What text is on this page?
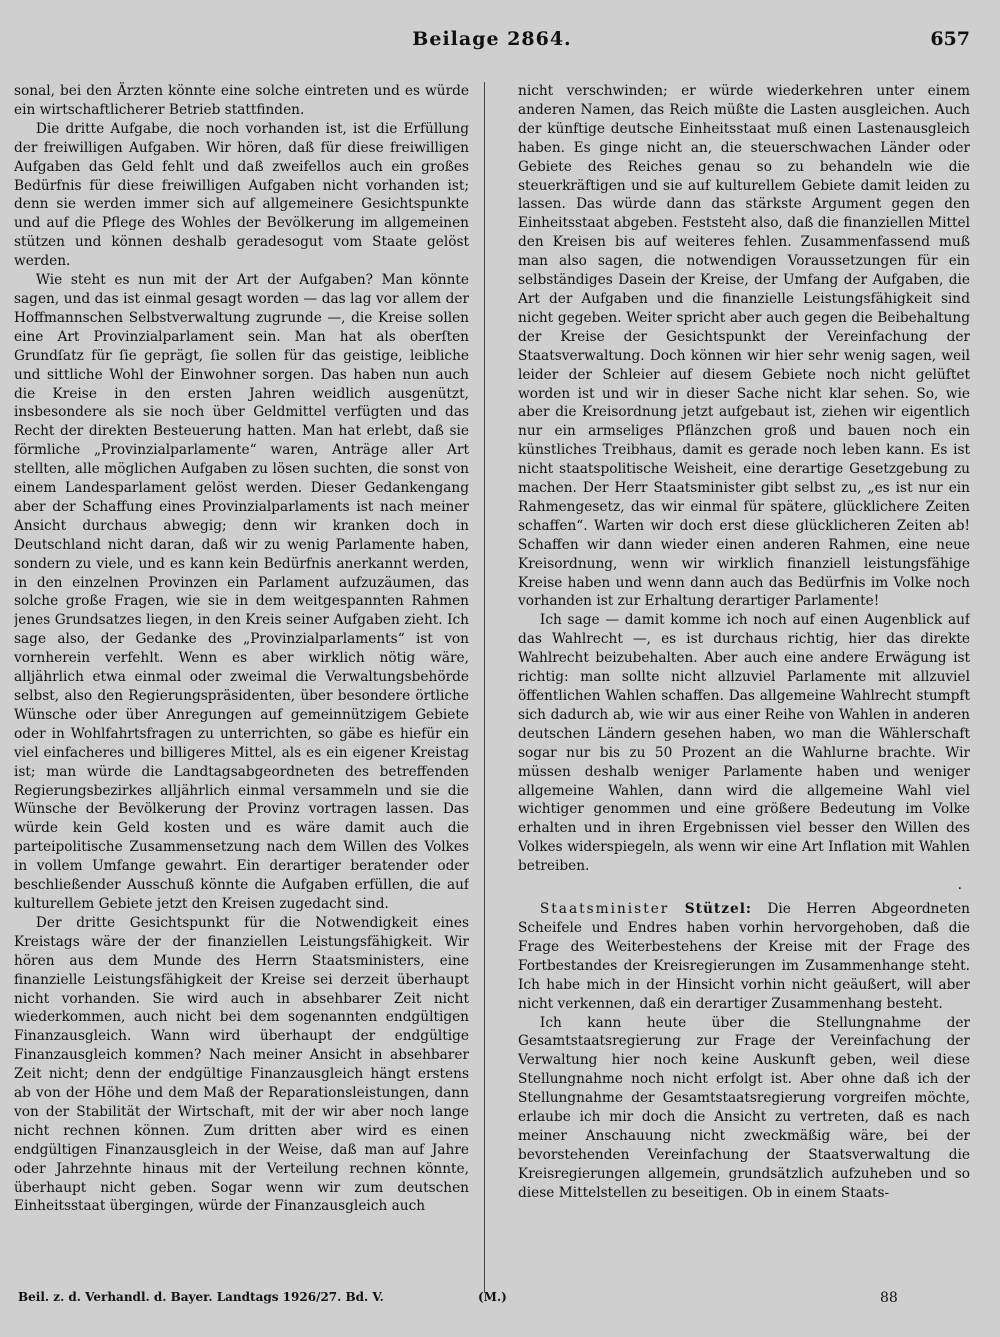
Beilage 2864.	657

sonal, bei den Ärzten könnte eine solche eintreten und es würde ein wirtschaftlicherer Betrieb stattfinden.

Die dritte Aufgabe, die noch vorhanden ist, ist die Erfüllung der freiwilligen Aufgaben. Wir hören, daß für diese freiwilligen Aufgaben das Geld fehlt und daß zweifellos auch ein großes Bedürfnis für diese freiwilligen Aufgaben nicht vorhanden ist; denn sie werden immer sich auf allgemeinere Gesichtspunkte und auf die Pflege des Wohles der Bevölkerung im allgemeinen stützen und können deshalb geradesogut vom Staate gelöst werden.

Wie steht es nun mit der Art der Aufgaben? Man könnte sagen, und das ist einmal gesagt worden — das lag vor allem der Hoffmannschen Selbstverwaltung zugrunde —, die Kreise sollen eine Art Provinzialparlament sein. Man hat als oberſten Grundſatz für ſie geprägt, ſie sollen für das geistige, leibliche und sittliche Wohl der Einwohner sorgen. Das haben nun auch die Kreise in den ersten Jahren weidlich ausgenützt, insbesondere als sie noch über Geldmittel verfügten und das Recht der direkten Besteuerung hatten. Man hat erlebt, daß sie förmliche „Provinzialparlamente“ waren, Anträge aller Art stellten, alle möglichen Aufgaben zu lösen suchten, die sonst von einem Landesparlament gelöst werden. Dieser Gedankengang aber der Schaffung eines Provinzialparlaments ist nach meiner Ansicht durchaus abwegig; denn wir kranken doch in Deutschland nicht daran, daß wir zu wenig Parlamente haben, sondern zu viele, und es kann kein Bedürfnis anerkannt werden, in den einzelnen Provinzen ein Parlament aufzuzäumen, das solche große Fragen, wie sie in dem weitgespannten Rahmen jenes Grundsatzes liegen, in den Kreis seiner Aufgaben zieht. Ich sage also, der Gedanke des „Provinzialparlaments“ ist von vornherein verfehlt. Wenn es aber wirklich nötig wäre, alljährlich etwa einmal oder zweimal die Verwaltungsbehörde selbst, also den Regierungspräsidenten, über besondere örtliche Wünsche oder über Anregungen auf gemeinnützigem Gebiete oder in Wohlfahrtsfragen zu unterrichten, so gäbe es hiefür ein viel einfacheres und billigeres Mittel, als es ein eigener Kreistag ist; man würde die Landtagsabgeordneten des betreffenden Regierungsbezirkes alljährlich einmal versammeln und sie die Wünsche der Bevölkerung der Provinz vortragen lassen. Das würde kein Geld kosten und es wäre damit auch die parteipolitische Zusammensetzung nach dem Willen des Volkes in vollem Umfange gewahrt. Ein derartiger beratender oder beschließender Ausschuß könnte die Aufgaben erfüllen, die auf kulturellem Gebiete jetzt den Kreisen zugedacht sind.

Der dritte Gesichtspunkt für die Notwendigkeit eines Kreistags wäre der der finanziellen Leistungsfähigkeit. Wir hören aus dem Munde des Herrn Staatsministers, eine finanzielle Leistungsfähigkeit der Kreise sei derzeit überhaupt nicht vorhanden. Sie wird auch in absehbarer Zeit nicht wiederkommen, auch nicht bei dem sogenannten endgültigen Finanzausgleich. Wann wird überhaupt der endgültige Finanzausgleich kommen? Nach meiner Ansicht in absehbarer Zeit nicht; denn der endgültige Finanzausgleich hängt erstens ab von der Höhe und dem Maß der Reparationsleistungen, dann von der Stabilität der Wirtschaft, mit der wir aber noch lange nicht rechnen können. Zum dritten aber wird es einen endgültigen Finanzausgleich in der Weise, daß man auf Jahre oder Jahrzehnte hinaus mit der Verteilung rechnen könnte, überhaupt nicht geben. Sogar wenn wir zum deutschen Einheitsstaat übergingen, würde der Finanzausgleich auch

nicht verschwinden; er würde wiederkehren unter einem anderen Namen, das Reich müßte die Lasten ausgleichen. Auch der künftige deutsche Einheitsstaat muß einen Lastenausgleich haben. Es ginge nicht an, die steuerschwachen Länder oder Gebiete des Reiches genau so zu behandeln wie die steuerkräftigen und sie auf kulturellem Gebiete damit leiden zu lassen. Das würde dann das stärkste Argument gegen den Einheitsstaat abgeben. Feststeht also, daß die finanziellen Mittel den Kreisen bis auf weiteres fehlen. Zusammenfassend muß man also sagen, die notwendigen Voraussetzungen für ein selbständiges Dasein der Kreise, der Umfang der Aufgaben, die Art der Aufgaben und die finanzielle Leistungsfähigkeit sind nicht gegeben. Weiter spricht aber auch gegen die Beibehaltung der Kreise der Gesichtspunkt der Vereinfachung der Staatsverwaltung. Doch können wir hier sehr wenig sagen, weil leider der Schleier auf diesem Gebiete noch nicht gelüftet worden ist und wir in dieser Sache nicht klar sehen. So, wie aber die Kreisordnung jetzt aufgebaut ist, ziehen wir eigentlich nur ein armseliges Pflänzchen groß und bauen noch ein künstliches Treibhaus, damit es gerade noch leben kann. Es ist nicht staatspolitische Weisheit, eine derartige Gesetzgebung zu machen. Der Herr Staatsminister gibt selbst zu, „es ist nur ein Rahmengesetz, das wir einmal für spätere, glücklichere Zeiten schaffen“. Warten wir doch erst diese glücklicheren Zeiten ab! Schaffen wir dann wieder einen anderen Rahmen, eine neue Kreisordnung, wenn wir wirklich finanziell leistungsfähige Kreise haben und wenn dann auch das Bedürfnis im Volke noch vorhanden ist zur Erhaltung derartiger Parlamente!

Ich sage — damit komme ich noch auf einen Augenblick auf das Wahlrecht —, es ist durchaus richtig, hier das direkte Wahlrecht beizubehalten. Aber auch eine andere Erwägung ist richtig: man sollte nicht allzuviel Parlamente mit allzuviel öffentlichen Wahlen schaffen. Das allgemeine Wahlrecht stumpft sich dadurch ab, wie wir aus einer Reihe von Wahlen in anderen deutschen Ländern gesehen haben, wo man die Wählerschaft sogar nur bis zu 50 Prozent an die Wahlurne brachte. Wir müssen deshalb weniger Parlamente haben und weniger allgemeine Wahlen, dann wird die allgemeine Wahl viel wichtiger genommen und eine größere Bedeutung im Volke erhalten und in ihren Ergebnissen viel besser den Willen des Volkes widerspiegeln, als wenn wir eine Art Inflation mit Wahlen betreiben.

.

Staatsminister Stützel: Die Herren Abgeordneten Scheifele und Endres haben vorhin hervorgehoben, daß die Frage des Weiterbestehens der Kreise mit der Frage des Fortbestandes der Kreisregierungen im Zusammenhange steht. Ich habe mich in der Hinsicht vorhin nicht geäußert, will aber nicht verkennen, daß ein derartiger Zusammenhang besteht.

Ich kann heute über die Stellungnahme der Gesamtstaatsregierung zur Frage der Vereinfachung der Verwaltung hier noch keine Auskunft geben, weil diese Stellungnahme noch nicht erfolgt ist. Aber ohne daß ich der Stellungnahme der Gesamtstaatsregierung vorgreifen möchte, erlaube ich mir doch die Ansicht zu vertreten, daß es nach meiner Anschauung nicht zweckmäßig wäre, bei der bevorstehenden Vereinfachung der Staatsverwaltung die Kreisregierungen allgemein, grundsätzlich aufzuheben und so diese Mittelstellen zu beseitigen. Ob in einem Staats-

Beil. z. d. Verhandl. d. Bayer. Landtags 1926/27. Bd. V.	(M.)	88
